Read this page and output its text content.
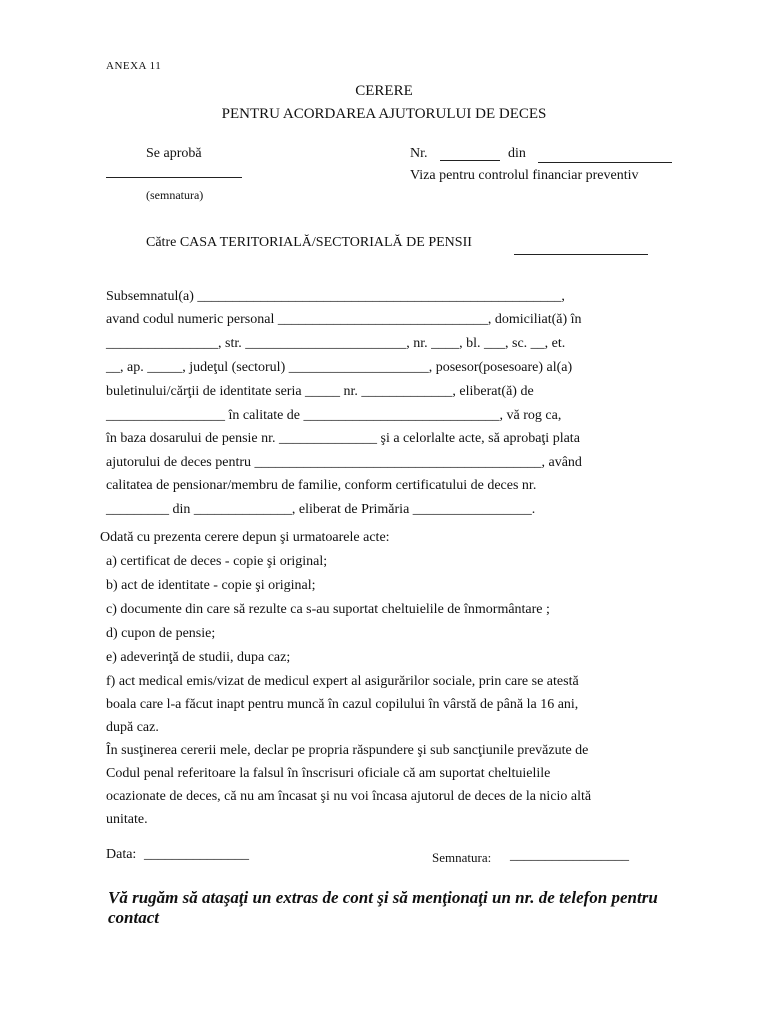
ANEXA 11
CERERE
PENTRU ACORDAREA AJUTORULUI DE DECES
Se aprobă
(semnatura)
Nr.	din
Viza pentru controlul financiar preventiv
Către CASA TERITORIALĂ/SECTORIALĂ DE PENSII
Subsemnatul(a) ____________________________________________________,
avand codul numeric personal ______________________________, domiciliat(ă) în
________________, str. _______________________, nr. ____, bl. ___, sc. __, et.
__, ap. _____, judeţul (sectorul) ____________________, posesor(posesoare) al(a)
buletinului/cărţii de identitate seria _____ nr. _____________, eliberat(ă) de
_________________ în calitate de ____________________________, vă rog ca,
în baza dosarului de pensie nr. ______________ şi a celorlalte acte, să aprobaţi plata
ajutorului de deces pentru _________________________________________, având
calitatea de pensionar/membru de familie, conform certificatului de deces nr.
_________ din ______________, eliberat de Primăria _________________.
Odată cu prezenta cerere depun şi urmatoarele acte:
a) certificat de deces - copie şi original;
b) act de identitate - copie şi original;
c) documente din care să rezulte ca s-au suportat cheltuielile de înmormântare ;
d) cupon de pensie;
e) adeverinţă de studii, dupa caz;
f) act medical emis/vizat de medicul expert al asigurărilor sociale, prin care se atestă
boala care l-a făcut inapt pentru muncă în cazul copilului în vârstă de până la 16 ani,
după caz.
În susţinerea cererii mele, declar pe propria răspundere şi sub sancţiunile prevăzute de
Codul penal referitoare la falsul în înscrisuri oficiale că am suportat cheltuielile
ocazionate de deces, că nu am încasat şi nu voi încasa ajutorul de deces de la nicio altă
unitate.
Data: _______________	Semnatura: _________________
Vă rugăm să ataşaţi un extras de cont şi să menţionaţi un nr. de telefon pentru contact
